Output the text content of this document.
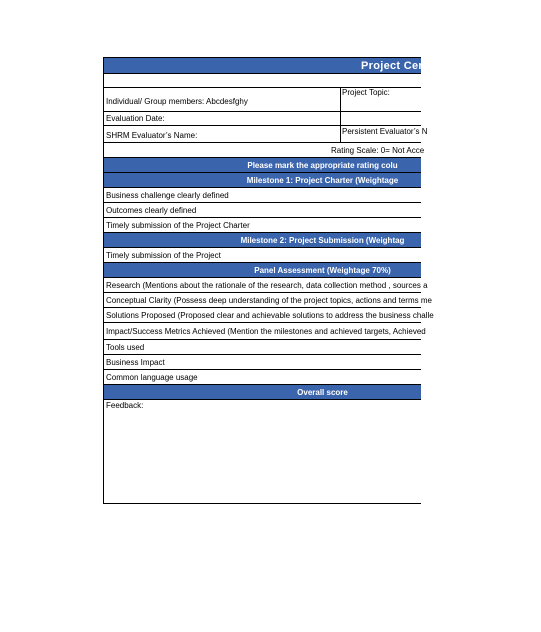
Project Certi
Individual/ Group members: Abcdesfghy
Project Topic:
Evaluation Date:
SHRM Evaluator’s Name:	Persistent Evaluator’s N
Rating Scale: 0= Not Acce
Please mark the appropriate rating colu
Milestone 1: Project Charter (Weightage
Business challenge clearly defined
Outcomes clearly defined
Timely submission of the Project Charter
Milestone 2: Project Submission (Weightag
Timely submission of the Project
Panel Assessment (Weightage 70%)
Research (Mentions about the rationale of the research, data collection method , sources a
Conceptual Clarity (Possess deep understanding of the project topics, actions and terms me
Solutions Proposed (Proposed clear and achievable solutions to address the business challe
Impact/Success Metrics Achieved (Mention the milestones and achieved targets, Achieved
Tools used
Business Impact
Common language usage
Overall score
Feedback:
